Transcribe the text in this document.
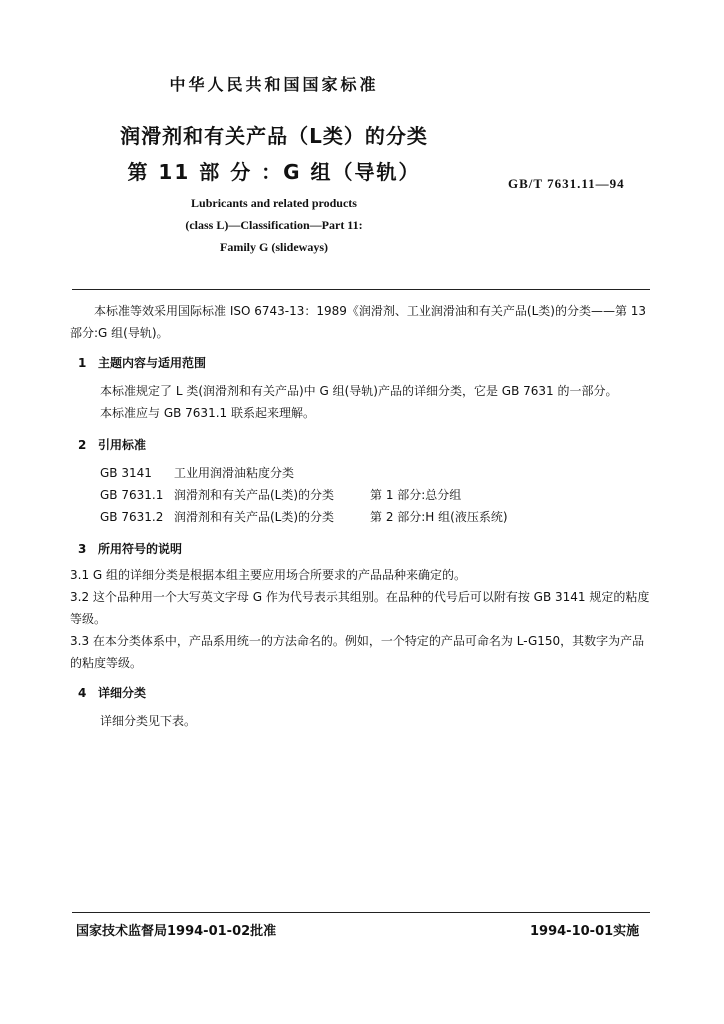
中华人民共和国国家标准
润滑剂和有关产品（L类）的分类
第 11 部 分 ：G 组（导轨）	GB/T 7631.11—94
Lubricants and related products
(class L)—Classification—Part 11:
Family G (slideways)
本标准等效采用国际标准 ISO 6743-13：1989《润滑剂、工业润滑油和有关产品(L类)的分类——第 13 部分:G 组(导轨)。
1 主题内容与适用范围
本标准规定了 L 类(润滑剂和有关产品)中 G 组(导轨)产品的详细分类，它是 GB 7631 的一部分。
本标准应与 GB 7631.1 联系起来理解。
2 引用标准
GB 3141 工业用润滑油粘度分类
GB 7631.1 润滑剂和有关产品(L类)的分类	第 1 部分:总分组
GB 7631.2 润滑剂和有关产品(L类)的分类	第 2 部分:H 组(液压系统)
3 所用符号的说明
3.1 G 组的详细分类是根据本组主要应用场合所要求的产品品种来确定的。
3.2 这个品种用一个大写英文字母 G 作为代号表示其组别。在品种的代号后可以附有按 GB 3141 规定的粘度等级。
3.3 在本分类体系中，产品系用统一的方法命名的。例如，一个特定的产品可命名为 L-G150，其数字为产品的粘度等级。
4 详细分类
详细分类见下表。
国家技术监督局1994-01-02批准	1994-10-01实施
